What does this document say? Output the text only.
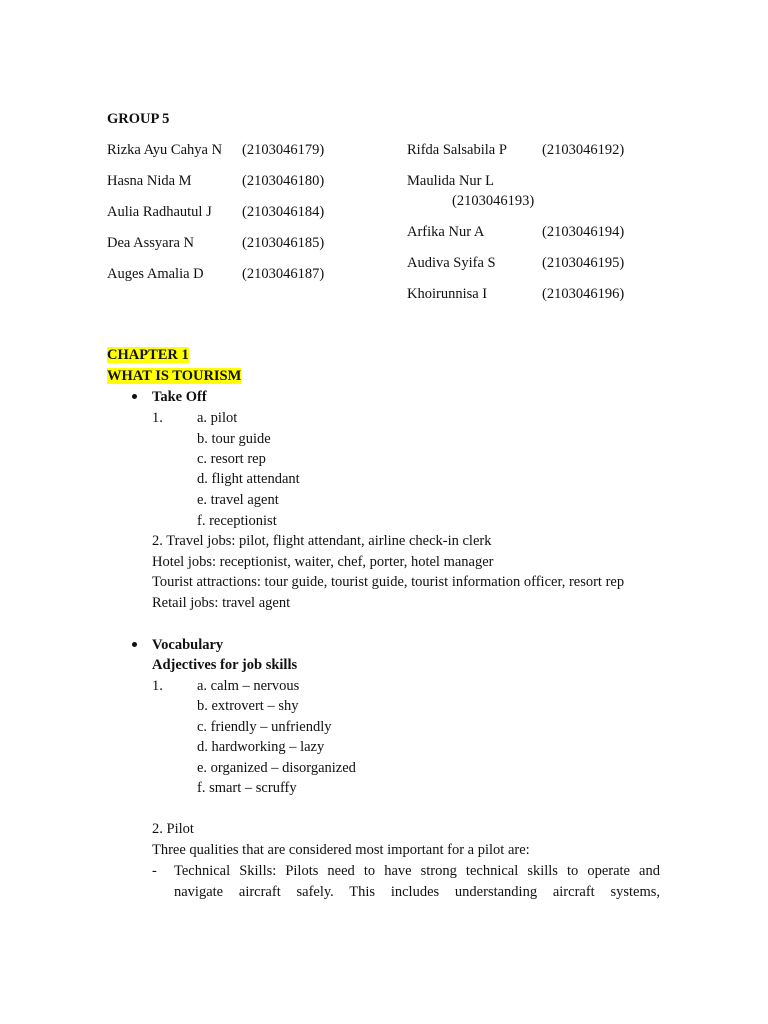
GROUP 5
Rizka Ayu Cahya N (2103046179)
Hasna Nida M	(2103046180)
Aulia Radhautul J (2103046184)
Dea Assyara N	(2103046185)
Auges Amalia D	(2103046187)
Rifda Salsabila P (2103046192)
Maulida Nur L
(2103046193)
Arfika Nur A	(2103046194)
Audiva Syifa S	(2103046195)
Khoirunnisa I	(2103046196)
CHAPTER 1
WHAT IS TOURISM
Take Off
1. a. pilot
b. tour guide
c. resort rep
d. flight attendant
e. travel agent
f. receptionist
2. Travel jobs: pilot, flight attendant, airline check-in clerk
Hotel jobs: receptionist, waiter, chef, porter, hotel manager
Tourist attractions: tour guide, tourist guide, tourist information officer, resort rep
Retail jobs: travel agent
Vocabulary
Adjectives for job skills
1. a. calm – nervous
b. extrovert – shy
c. friendly – unfriendly
d. hardworking – lazy
e. organized – disorganized
f. smart – scruffy
2. Pilot
Three qualities that are considered most important for a pilot are:
- Technical Skills: Pilots need to have strong technical skills to operate and
navigate aircraft safely. This includes understanding aircraft systems,
